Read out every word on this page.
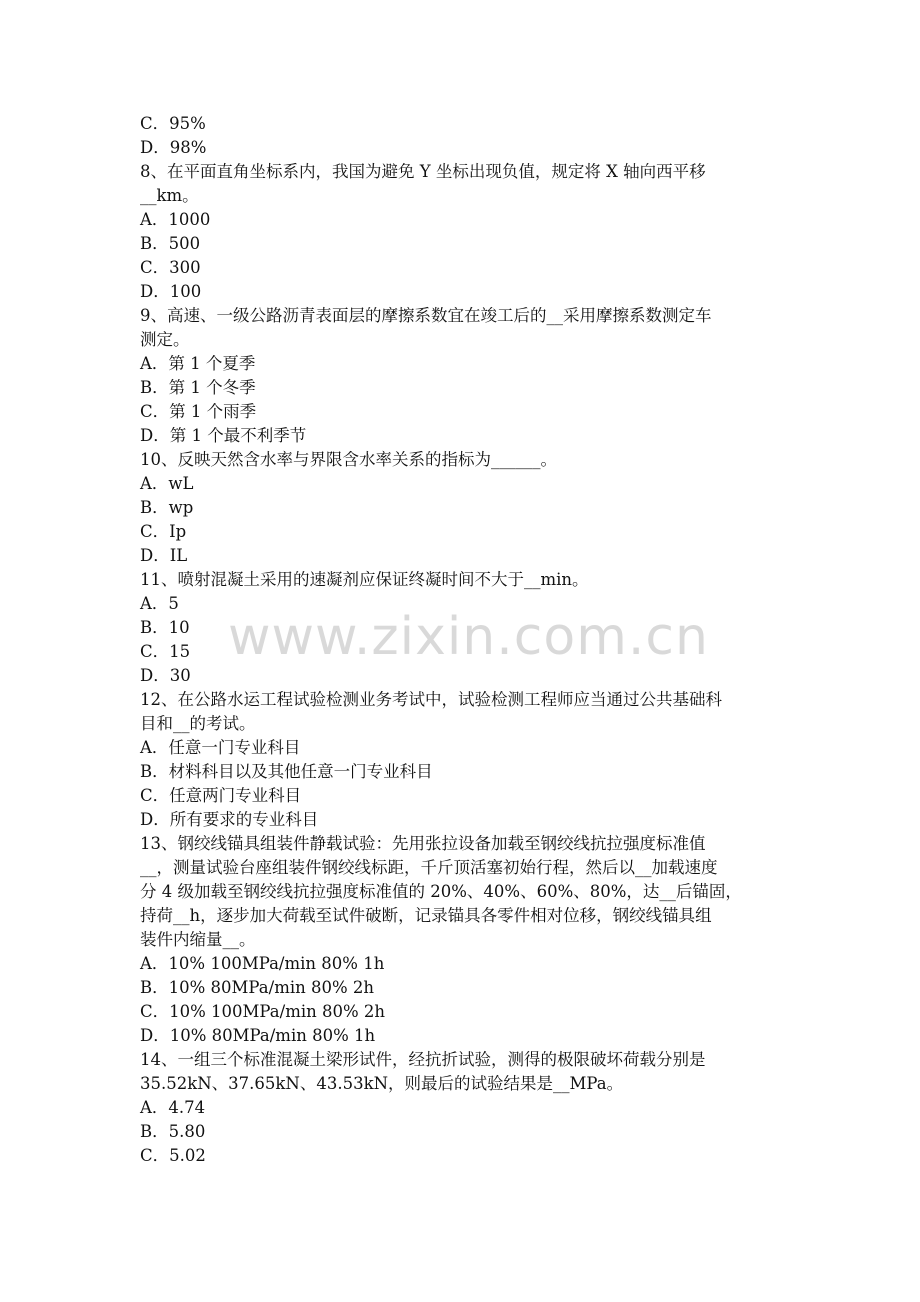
C．95%
D．98%
8、在平面直角坐标系内，我国为避免 Y 坐标出现负值，规定将 X 轴向西平移
__km。
A．1000
B．500
C．300
D．100
9、高速、一级公路沥青表面层的摩擦系数宜在竣工后的__采用摩擦系数测定车
测定。
A．第 1 个夏季
B．第 1 个冬季
C．第 1 个雨季
D．第 1 个最不利季节
10、反映天然含水率与界限含水率关系的指标为______。
A．wL
B．wp
C．Ip
D．IL
11、喷射混凝土采用的速凝剂应保证终凝时间不大于__min。
A．5
B．10
C．15
D．30
12、在公路水运工程试验检测业务考试中，试验检测工程师应当通过公共基础科
目和__的考试。
A．任意一门专业科目
B．材料科目以及其他任意一门专业科目
C．任意两门专业科目
D．所有要求的专业科目
13、钢绞线锚具组装件静载试验：先用张拉设备加载至钢绞线抗拉强度标准值
__，测量试验台座组装件钢绞线标距，千斤顶活塞初始行程，然后以__加载速度
分 4 级加载至钢绞线抗拉强度标准值的 20%、40%、60%、80%，达__后锚固，
持荷__h，逐步加大荷载至试件破断，记录锚具各零件相对位移，钢绞线锚具组
装件内缩量__。
A．10% 100MPa/min 80% 1h
B．10% 80MPa/min 80% 2h
C．10% 100MPa/min 80% 2h
D．10% 80MPa/min 80% 1h
14、一组三个标准混凝土梁形试件，经抗折试验，测得的极限破坏荷载分别是
35.52kN、37.65kN、43.53kN，则最后的试验结果是__MPa。
A．4.74
B．5.80
C．5.02
www.zixin.com.cn
